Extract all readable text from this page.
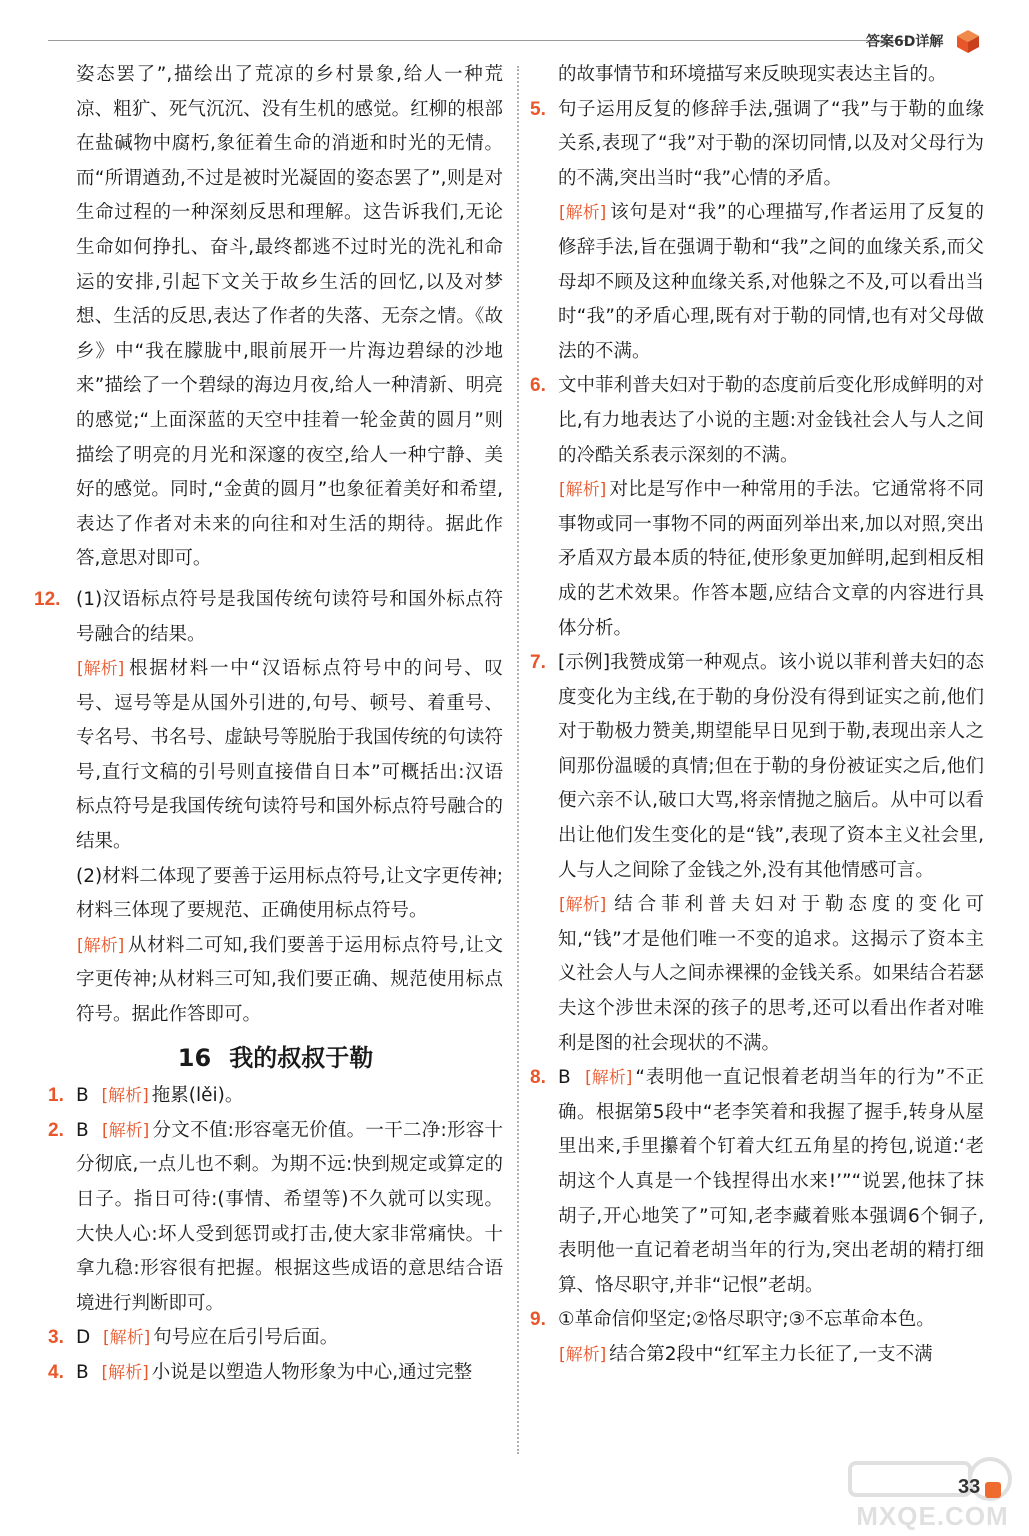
答案6D详解

姿态罢了”,描绘出了荒凉的乡村景象,给人一种荒凉、粗犷、死气沉沉、没有生机的感觉。红柳的根部在盐碱物中腐朽,象征着生命的消逝和时光的无情。而“所谓遒劲,不过是被时光凝固的姿态罢了”,则是对生命过程的一种深刻反思和理解。这告诉我们,无论生命如何挣扎、奋斗,最终都逃不过时光的洗礼和命运的安排,引起下文关于故乡生活的回忆,以及对梦想、生活的反思,表达了作者的失落、无奈之情。《故乡》中“我在朦胧中,眼前展开一片海边碧绿的沙地来”描绘了一个碧绿的海边月夜,给人一种清新、明亮的感觉;“上面深蓝的天空中挂着一轮金黄的圆月”则描绘了明亮的月光和深邃的夜空,给人一种宁静、美好的感觉。同时,“金黄的圆月”也象征着美好和希望,表达了作者对未来的向往和对生活的期待。据此作答,意思对即可。

12. (1)汉语标点符号是我国传统句读符号和国外标点符号融合的结果。

[ 解析 ] 根据材料一中“汉语标点符号中的问号、叹号、逗号等是从国外引进的,句号、顿号、着重号、专名号、书名号、虚缺号等脱胎于我国传统的句读符号,直行文稿的引号则直接借自日本”可概括出:汉语标点符号是我国传统句读符号和国外标点符号融合的结果。

(2)材料二体现了要善于运用标点符号,让文字更传神;材料三体现了要规范、正确使用标点符号。

[ 解析 ] 从材料二可知,我们要善于运用标点符号,让文字更传神;从材料三可知,我们要正确、规范使用标点符号。据此作答即可。

16 我的叔叔于勒
1. B [ 解析 ] 拖累(lěi)。
2. B [ 解析 ] 分文不值:形容毫无价值。一干二净:形容十分彻底,一点儿也不剩。为期不远:快到规定或算定的日子。指日可待:(事情、希望等)不久就可以实现。大快人心:坏人受到惩罚或打击,使大家非常痛快。十拿九稳:形容很有把握。根据这些成语的意思结合语境进行判断即可。
3. D [ 解析 ] 句号应在后引号后面。
4. B [ 解析 ] 小说是以塑造人物形象为中心,通过完整

的故事情节和环境描写来反映现实表达主旨的。

5. 句子运用反复的修辞手法,强调了“我”与于勒的血缘关系,表现了“我”对于勒的深切同情,以及对父母行为的不满,突出当时“我”心情的矛盾。

[ 解析 ] 该句是对“我”的心理描写,作者运用了反复的修辞手法,旨在强调于勒和“我”之间的血缘关系,而父母却不顾及这种血缘关系,对他躲之不及,可以看出当时“我”的矛盾心理,既有对于勒的同情,也有对父母做法的不满。

6. 文中菲利普夫妇对于勒的态度前后变化形成鲜明的对比,有力地表达了小说的主题:对金钱社会人与人之间的冷酷关系表示深刻的不满。

[ 解析 ] 对比是写作中一种常用的手法。它通常将不同事物或同一事物不同的两面列举出来,加以对照,突出矛盾双方最本质的特征,使形象更加鲜明,起到相反相成的艺术效果。作答本题,应结合文章的内容进行具体分析。

7. [示例]我赞成第一种观点。该小说以菲利普夫妇的态度变化为主线,在于勒的身份没有得到证实之前,他们对于勒极力赞美,期望能早日见到于勒,表现出亲人之间那份温暖的真情;但在于勒的身份被证实之后,他们便六亲不认,破口大骂,将亲情抛之脑后。从中可以看出让他们发生变化的是“钱”,表现了资本主义社会里,人与人之间除了金钱之外,没有其他情感可言。

[ 解析 ] 结合菲利普夫妇对于勒态度的变化可知,“钱”才是他们唯一不变的追求。这揭示了资本主义社会人与人之间赤裸裸的金钱关系。如果结合若瑟夫这个涉世未深的孩子的思考,还可以看出作者对唯利是图的社会现状的不满。

8. B [ 解析 ] “表明他一直记恨着老胡当年的行为”不正确。根据第5段中“老李笑着和我握了握手,转身从屋里出来,手里攥着个钉着大红五角星的挎包,说道:‘老胡这个人真是一个钱捏得出水来!’”“说罢,他抹了抹胡子,开心地笑了”可知,老李藏着账本强调6个铜子,表明他一直记着老胡当年的行为,突出老胡的精打细算、恪尽职守,并非“记恨”老胡。

9. ①革命信仰坚定;②恪尽职守;③不忘革命本色。

[ 解析 ] 结合第2段中“红军主力长征了,一支不满

MXQE.COM
33
